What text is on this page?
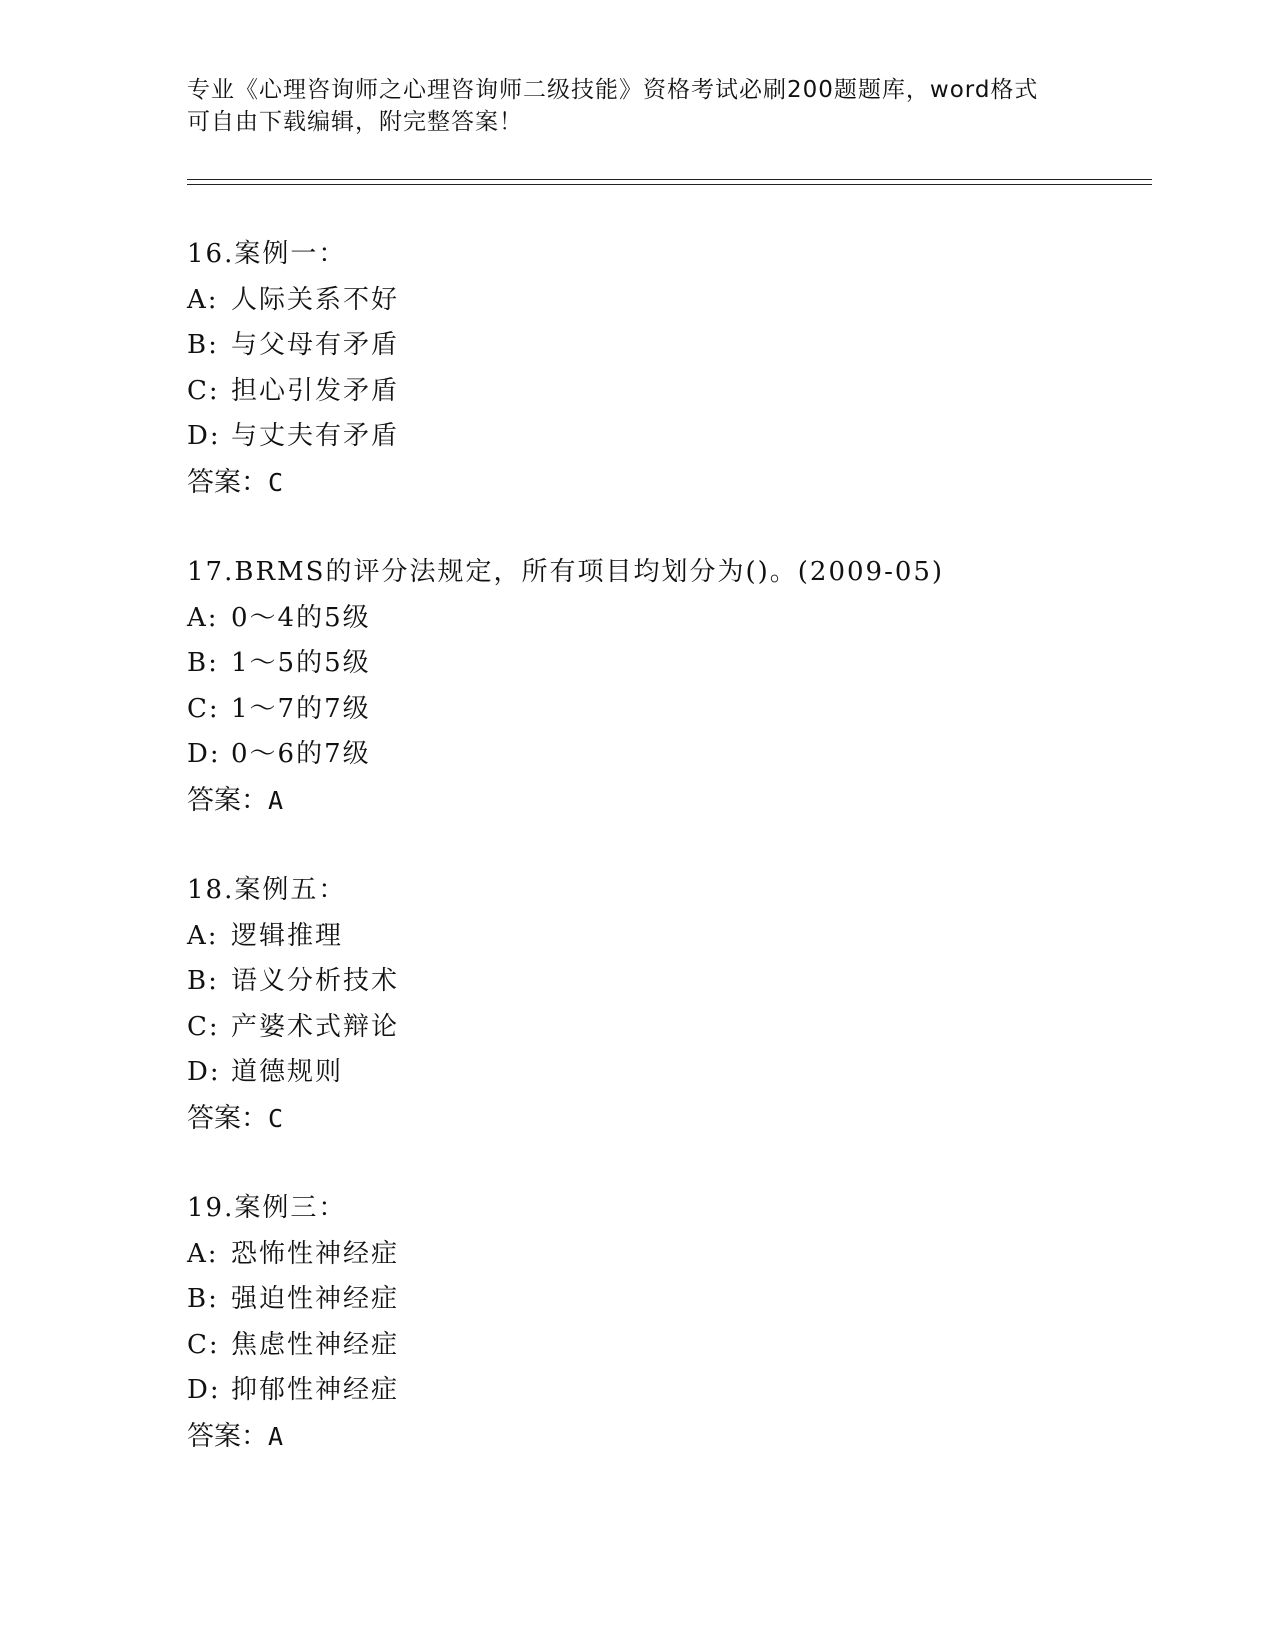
专业《心理咨询师之心理咨询师二级技能》资格考试必刷200题题库，word格式
可自由下载编辑，附完整答案！
16.案例一：
A: 人际关系不好
B: 与父母有矛盾
C: 担心引发矛盾
D: 与丈夫有矛盾
答案：C
17.BRMS的评分法规定，所有项目均划分为()。(2009-05)
A: 0～4的5级
B: 1～5的5级
C: 1～7的7级
D: 0～6的7级
答案：A
18.案例五：
A: 逻辑推理
B: 语义分析技术
C: 产婆术式辩论
D: 道德规则
答案：C
19.案例三：
A: 恐怖性神经症
B: 强迫性神经症
C: 焦虑性神经症
D: 抑郁性神经症
答案：A
